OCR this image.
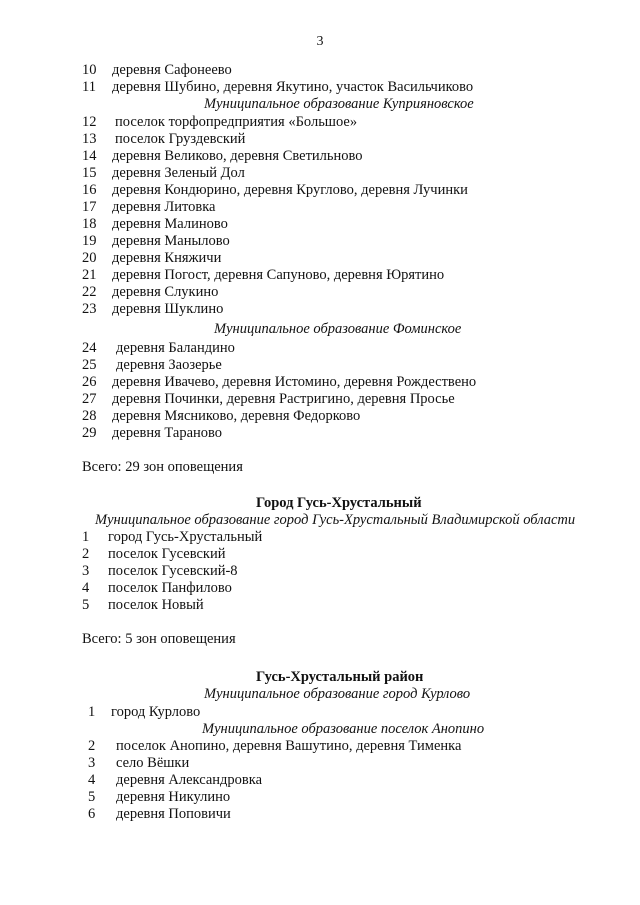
3
10 деревня Сафонеево
11 деревня Шубино, деревня Якутино, участок Васильчиково
Муниципальное образование Куприяновское
12 поселок торфопредприятия «Большое»
13 поселок Груздевский
14 деревня Великово, деревня Светильново
15 деревня Зеленый Дол
16 деревня Кондюрино, деревня Круглово, деревня Лучинки
17 деревня Литовка
18 деревня Малиново
19 деревня Манылово
20 деревня Княжичи
21 деревня Погост, деревня Сапуново, деревня Юрятино
22 деревня Слукино
23 деревня Шуклино
Муниципальное образование Фоминское
24 деревня Баландино
25 деревня Заозерье
26 деревня Ивачево, деревня Истомино, деревня Рождествено
27 деревня Починки, деревня Растригино, деревня Просье
28 деревня Мясниково, деревня Федорково
29 деревня Тараново
Всего: 29 зон оповещения
Город Гусь-Хрустальный
Муниципальное образование город Гусь-Хрустальный Владимирской области
1 город Гусь-Хрустальный
2 поселок Гусевский
3 поселок Гусевский-8
4 поселок Панфилово
5 поселок Новый
Всего: 5 зон оповещения
Гусь-Хрустальный район
Муниципальное образование город Курлово
1 город Курлово
Муниципальное образование поселок Анопино
2 поселок Анопино, деревня Вашутино, деревня Тименка
3 село Вёшки
4 деревня Александровка
5 деревня Никулино
6 деревня Поповичи
